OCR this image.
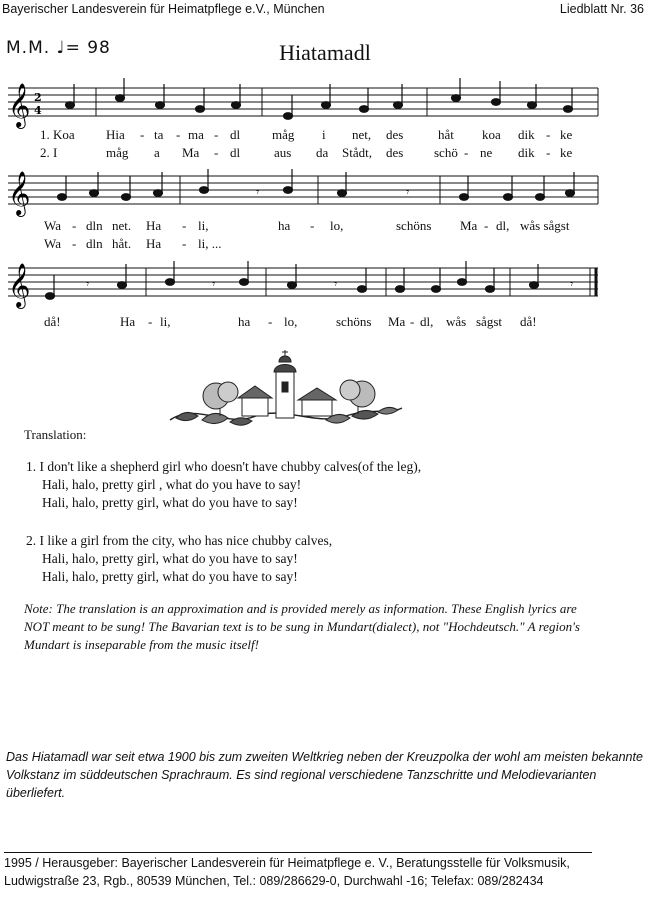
Bayerischer Landesverein für Heimatpflege e.V., München	Liedblatt Nr. 36
M.M. ♩= 98	Hiatamadl
𝄞 2
4
1. Koa Hia - ta - ma - dl måg i net, des	håt koa dik - ke
2. I	måg a Ma - dl	aus da Stådt, des schö - ne dik - ke
𝄞	𝄾	𝄾
Wa - dln net. Ha - li,	ha - lo,	schöns Ma - dl, wås sågst
Wa - dln håt. Ha - li, ...
𝄞	𝄾	𝄾	𝄾	𝄾
då!	Ha - li,	ha - lo,	schöns Ma - dl, wås sågst då!
Translation:
1. I don't like a shepherd girl who doesn't have chubby calves(of the leg),
Hali, halo, pretty girl , what do you have to say!
Hali, halo, pretty girl, what do you have to say!
2. I like a girl from the city, who has nice chubby calves,
Hali, halo, pretty girl, what do you have to say!
Hali, halo, pretty girl, what do you have to say!
Note: The translation is an approximation and is provided merely as information. These English lyrics are NOT meant to be sung! The Bavarian text is to be sung in Mundart(dialect), not "Hochdeutsch." A region's Mundart is inseparable from the music itself!
Das Hiatamadl war seit etwa 1900 bis zum zweiten Weltkrieg neben der Kreuzpolka der wohl am meisten bekannte Volkstanz im süddeutschen Sprachraum. Es sind regional verschiedene Tanzschritte und Melodievarianten überliefert.
1995 / Herausgeber: Bayerischer Landesverein für Heimatpflege e. V., Beratungsstelle für Volksmusik,
Ludwigstraße 23, Rgb., 80539 München, Tel.: 089/286629-0, Durchwahl -16; Telefax: 089/282434
